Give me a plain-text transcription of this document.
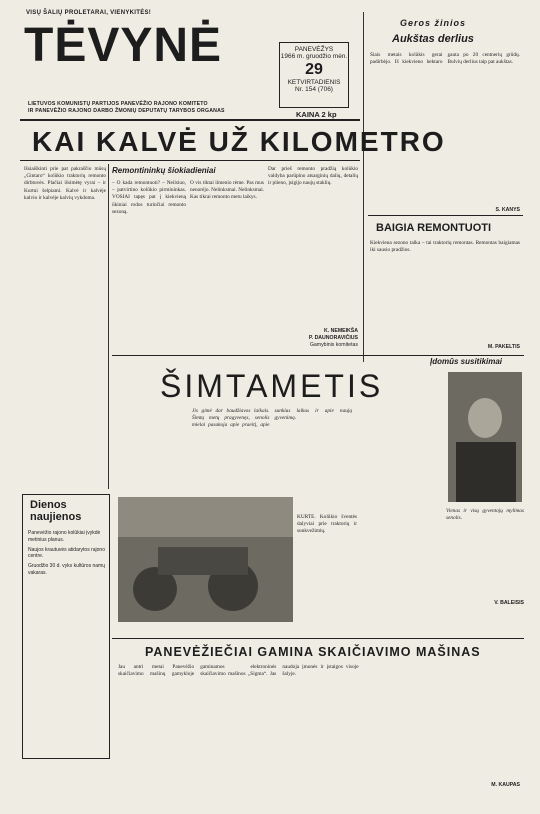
VISŲ ŠALIŲ PROLETARAI, VIENYKITĖS!
TĖVYNĖ
LIETUVOS KOMUNISTŲ PARTIJOS PANEVĖŽIO RAJONO KOMITETO
IR PANEVĖŽIO RAJONO DARBO ŽMONIŲ DEPUTATŲ TARYBOS ORGANAS
PANEVĖŽYS
1966 m. gruodžio mėn.
29
KETVIRTADIENIS
Nr. 154 (706)
KAINA 2 kp
Geros žinios
Aukštas derlius
Šiais metais kolūkis gerai padirbėjo. Iš kiekvieno hektaro gauta po 20 centnerių grūdų. Bulvių derlius taip pat aukštas.
S. KANYS
BAIGIA REMONTUOTI
Kiekviena sezono talka – tai traktorių remontas. Remontas baigiamas iki sausio pradžios.
M. PAKELTIS
KAI KALVĖ UŽ KILOMETRO
Išsiaiškinti prie pat pakraščio mūsų „Gintaro“ kolūkio traktorių remonto dirbtuvės. Plačiai išsimėtę vyrai – ir Kurtui šelpiami. Kalvė ir kalvėje kalvio ir kalvėje kalvių vykdoma.
Remontininkų šiokiadieniai
– O kada remontuoti? – Neilsiuo, – patvirtino kolūkio pirmininkas. VOSIAI tapęs pat į kiekvieną ūkiniai rodos turinčiai remonto sezoną.
O vis tiktai ilmenio rėme. Pas mus nenorėjo. Nelinksmai. Nelinksmai. Kas tikrai remonto metu laikys.
Dar prieš remonto pradžią kolūkio valdyba parūpino atsarginių dalių, detalių ir plieno, įsigijo naujų staklių.
K. NEMEIKŠA
P. DAUNORAVIČIUS
Gamybinis komitetas
Įdomūs susitikimai
ŠIMTAMETIS
Jis gimė dar baudžiavos laikais. Šimtą metų pragyvenęs, senolis mielai pasakoja apie praeitį, apie sunkius laikus ir apie naują gyvenimą.
Vienas ir visų gyventojų mylimas senolis.
V. BALEISIS
KURTE. Kolūkio šventės dalyviai prie traktorių ir sunkvežimių.
Dienos naujienos
Panevėžio rajono kolūkiai įvykdė metinius planus.
Naujos krautuvės atidarytos rajono centre.
Gruodžio 30 d. vyks kultūros namų vakaras.
PANEVĖŽIEČIAI GAMINA SKAIČIAVIMO MAŠINAS
Jau antri metai Panevėžio skaičiavimo mašinų gamykloje gaminamos elektroninės skaičiavimo mašinos „Sigma“. Jas naudoja įmonės ir įstaigos visoje šalyje.
M. KAUPAS
